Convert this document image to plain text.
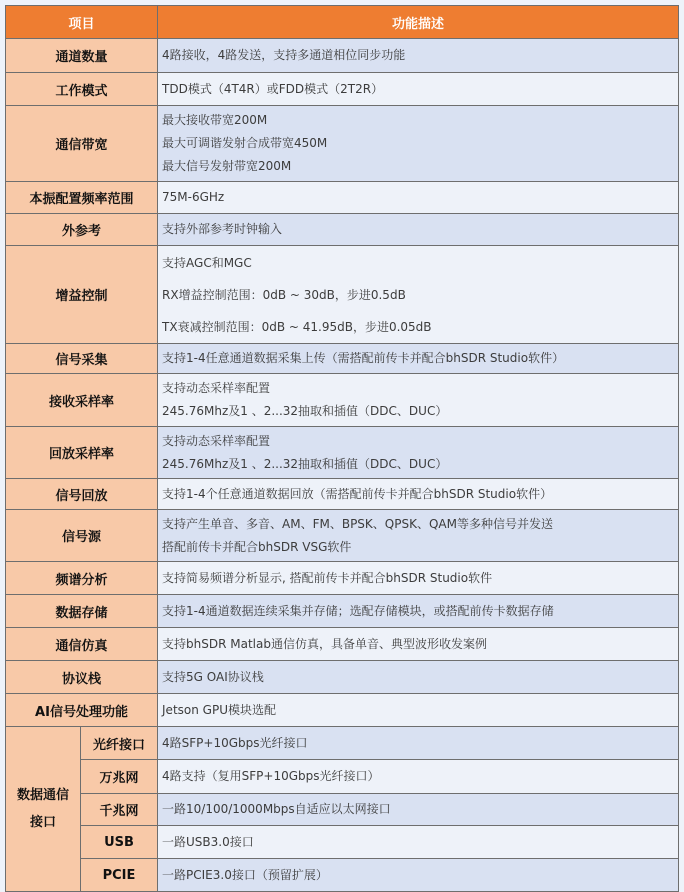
项目		功能描述
通道数量		4路接收，4路发送，支持多通道相位同步功能

工作模式		TDD模式（4T4R）或FDD模式（2T2R）

通信带宽		最大接收带宽200M
最大可调谐发射合成带宽450M
最大信号发射带宽200M

本振配置频率范围		75M-6GHz

外参考		支持外部参考时钟输入

增益控制		支持AGC和MGC
RX增益控制范围：0dB ~ 30dB，步进0.5dB
TX衰减控制范围：0dB ~ 41.95dB，步进0.05dB

信号采集		支持1-4任意通道数据采集上传（需搭配前传卡并配合bhSDR Studio软件）

接收采样率		支持动态采样率配置
245.76Mhz及1 、2...32抽取和插值（DDC、DUC）

回放采样率		支持动态采样率配置
245.76Mhz及1 、2...32抽取和插值（DDC、DUC）

信号回放		支持1-4个任意通道数据回放（需搭配前传卡并配合bhSDR Studio软件）

信号源		支持产生单音、多音、AM、FM、BPSK、QPSK、QAM等多种信号并发送
搭配前传卡并配合bhSDR VSG软件

频谱分析		支持简易频谱分析显示, 搭配前传卡并配合bhSDR Studio软件

数据存储		支持1-4通道数据连续采集并存储；选配存储模块，或搭配前传卡数据存储

通信仿真		支持bhSDR Matlab通信仿真，具备单音、典型波形收发案例

协议栈		支持5G OAI协议栈

AI信号处理功能		Jetson GPU模块选配

数据通信
接口	光纤接口	4路SFP+10Gbps光纤接口

	万兆网	4路支持（复用SFP+10Gbps光纤接口）

	千兆网	一路10/100/1000Mbps自适应以太网接口

	USB	一路USB3.0接口

	PCIE	一路PCIE3.0接口（预留扩展）
